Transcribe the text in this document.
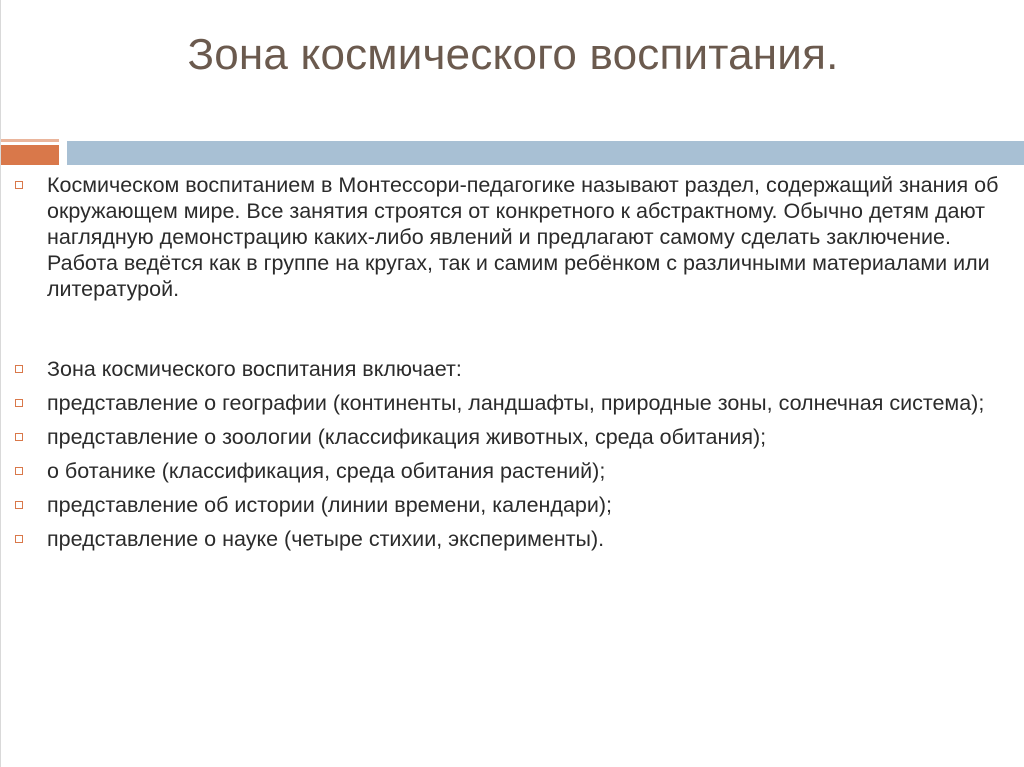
Зона космического воспитания.
Космическом воспитанием в Монтессори-педагогике называют раздел, содержащий знания об окружающем мире. Все занятия строятся от конкретного к абстрактному. Обычно детям дают наглядную демонстрацию каких-либо явлений и предлагают самому сделать заключение. Работа ведётся как в группе на кругах, так и самим ребёнком с различными материалами или литературой.
Зона космического воспитания включает:
представление о географии (континенты, ландшафты, природные зоны, солнечная система);
представление о зоологии (классификация животных, среда обитания);
о ботанике (классификация, среда обитания растений);
представление об истории (линии времени, календари);
представление о науке (четыре стихии, эксперименты).
